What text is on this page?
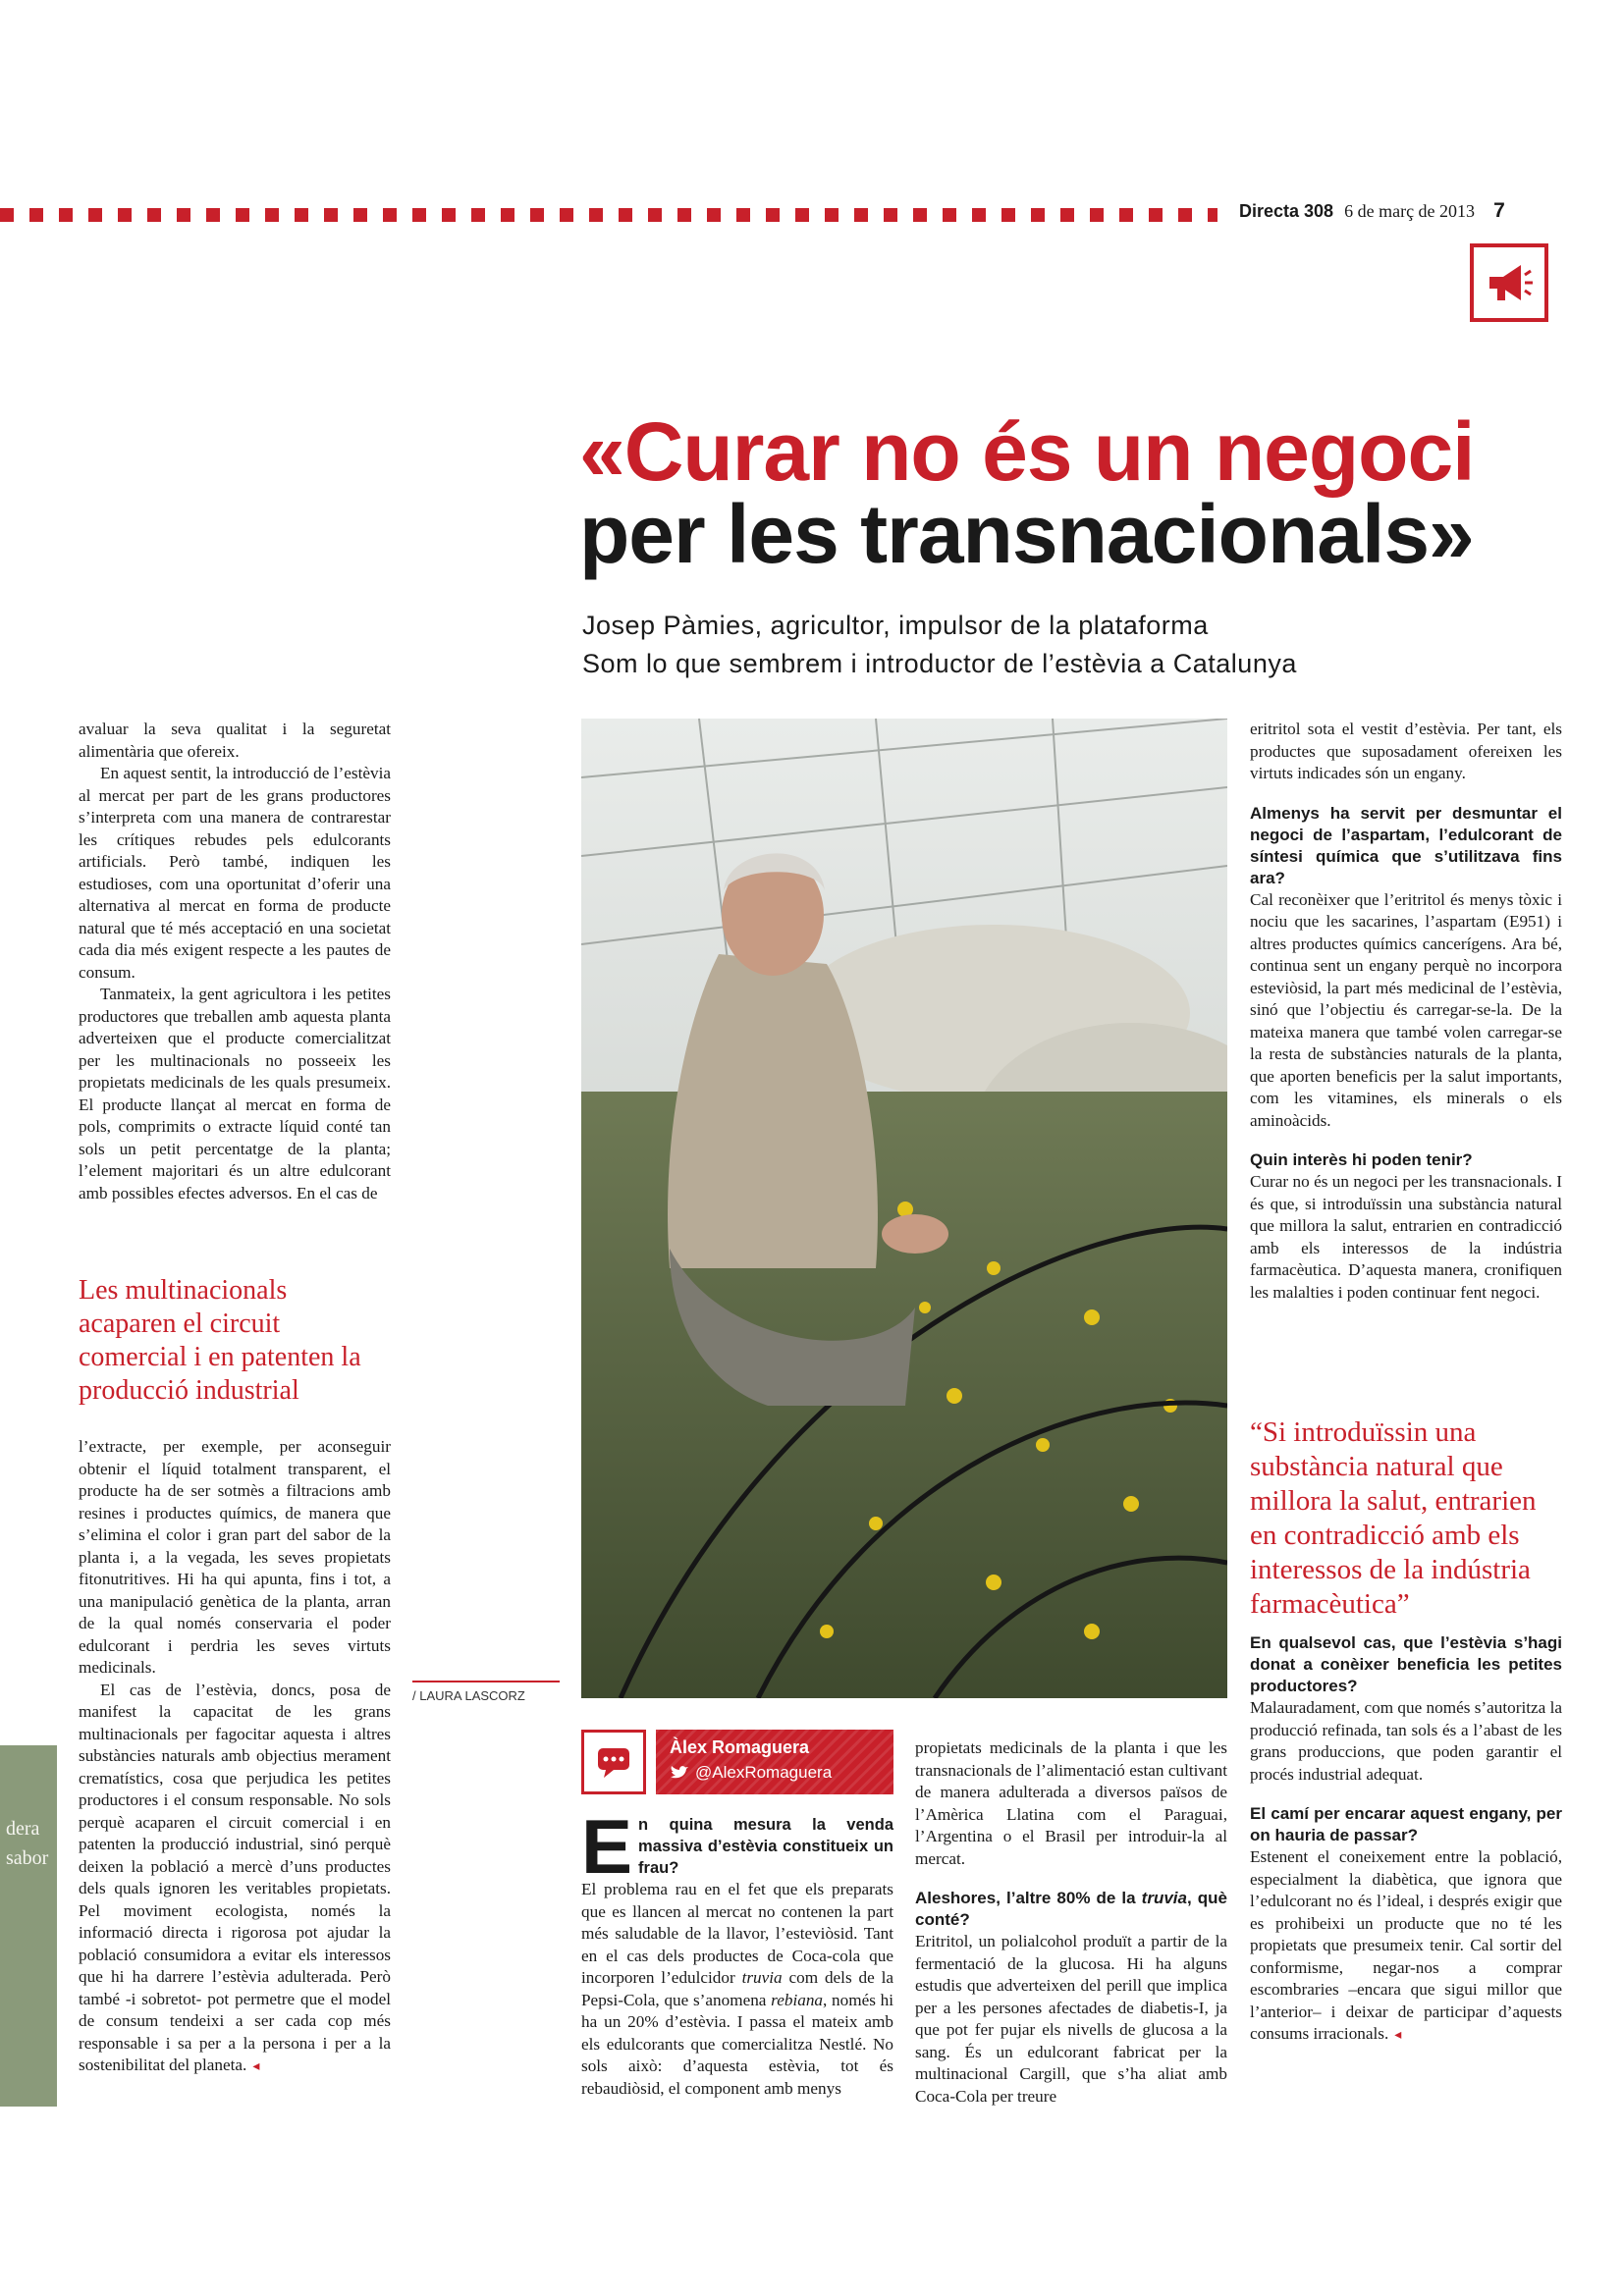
Directa 308 6 de març de 2013 7
«Curar no és un negoci
per les transnacionals»
Josep Pàmies, agricultor, impulsor de la plataforma
Som lo que sembrem i introductor de l’estèvia a Catalunya

avaluar la seva qualitat i la seguretat alimentària que ofereix.

En aquest sentit, la introducció de l’estèvia al mercat per part de les grans productores s’interpreta com una manera de contrarestar les crítiques rebudes pels edulcorants artificials. Però també, indiquen les estudioses, com una oportunitat d’oferir una alternativa al mercat en forma de producte natural que té més acceptació en una societat cada dia més exigent respecte a les pautes de consum.

Tanmateix, la gent agricultora i les petites productores que treballen amb aquesta planta adverteixen que el producte comercialitzat per les multinacionals no posseeix les propietats medicinals de les quals presumeix. El producte llançat al mercat en forma de pols, comprimits o extracte líquid conté tan sols un petit percentatge de la planta; l’element majoritari és un altre edulcorant amb possibles efectes adversos. En el cas de

Les multinacionals acaparen el circuit comercial i en patenten la producció industrial

l’extracte, per exemple, per aconseguir obtenir el líquid totalment transparent, el producte ha de ser sotmès a filtracions amb resines i productes químics, de manera que s’elimina el color i gran part del sabor de la planta i, a la vegada, les seves propietats fitonutritives. Hi ha qui apunta, fins i tot, a una manipulació genètica de la planta, arran de la qual només conservaria el poder edulcorant i perdria les seves virtuts medicinals.

El cas de l’estèvia, doncs, posa de manifest la capacitat de les grans multinacionals per fagocitar aquesta i altres substàncies naturals amb objectius merament crematístics, cosa que perjudica les petites productores i el consum responsable. No sols perquè acaparen el circuit comercial i en patenten la producció industrial, sinó perquè deixen la població a mercè d’uns productes dels quals ignoren les veritables propietats. Pel moviment ecologista, només la informació directa i rigorosa pot ajudar la població consumidora a evitar els interessos que hi ha darrere l’estèvia adulterada. Però també -i sobretot- pot permetre que el model de consum tendeixi a ser cada cop més responsable i sa per a la persona i per a la sostenibilitat del planeta. ◂

dera
sabor
/ LAURA LASCORZ
Àlex Romaguera
@AlexRomaguera

En quina mesura la venda massiva d’estèvia constitueix un frau?

El problema rau en el fet que els preparats que es llancen al mercat no contenen la part més saludable de la llavor, l’esteviòsid. Tant en el cas dels productes de Coca-cola que incorporen l’edulcidor truvia com dels de la Pepsi-Cola, que s’anomena rebiana, només hi ha un 20% d’estèvia. I passa el mateix amb els edulcorants que comercialitza Nestlé. No sols això: d’aquesta estèvia, tot és rebaudiòsid, el component amb menys

propietats medicinals de la planta i que les transnacionals de l’alimentació estan cultivant de manera adulterada a diversos països de l’Amèrica Llatina com el Paraguai, l’Argentina o el Brasil per introduir-la al mercat.

Aleshores, l’altre 80% de la truvia, què conté?

Eritritol, un polialcohol produït a partir de la fermentació de la glucosa. Hi ha alguns estudis que adverteixen del perill que implica per a les persones afectades de diabetis-I, ja que pot fer pujar els nivells de glucosa a la sang. És un edulcorant fabricat per la multinacional Cargill, que s’ha aliat amb Coca-Cola per treure

eritritol sota el vestit d’estèvia. Per tant, els productes que suposadament ofereixen les virtuts indicades són un engany.

Almenys ha servit per desmuntar el negoci de l’aspartam, l’edulcorant de síntesi química que s’utilitzava fins ara?

Cal reconèixer que l’eritritol és menys tòxic i nociu que les sacarines, l’aspartam (E951) i altres productes químics cancerígens. Ara bé, continua sent un engany perquè no incorpora esteviòsid, la part més medicinal de l’estèvia, sinó que l’objectiu és carregar-se-la. De la mateixa manera que també volen carregar-se la resta de substàncies naturals de la planta, que aporten beneficis per la salut importants, com les vitamines, els minerals o els aminoàcids.

Quin interès hi poden tenir?

Curar no és un negoci per les transnacionals. I és que, si introduïssin una substància natural que millora la salut, entrarien en contradicció amb els interessos de la indústria farmacèutica. D’aquesta manera, cronifiquen les malalties i poden continuar fent negoci.

“Si introduïssin una substància natural que millora la salut, entrarien en contradicció amb els interessos de la indústria farmacèutica”

En qualsevol cas, que l’estèvia s’hagi donat a conèixer beneficia les petites productores?

Malauradament, com que només s’autoritza la producció refinada, tan sols és a l’abast de les grans produccions, que poden garantir el procés industrial adequat.

El camí per encarar aquest engany, per on hauria de passar?

Estenent el coneixement entre la població, especialment la diabètica, que ignora que l’edulcorant no és l’ideal, i després exigir que es prohibeixi un producte que no té les propietats que presumeix tenir. Cal sortir del conformisme, negar-nos a comprar escombraries –encara que sigui millor que l’anterior– i deixar de participar d’aquests consums irracionals. ◂
